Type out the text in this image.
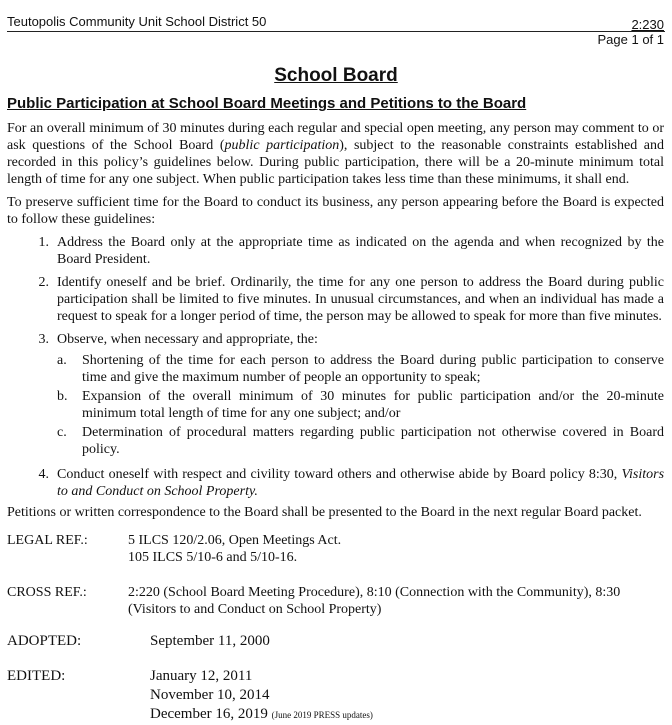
Teutopolis Community Unit School District 50	2:230
Page 1 of 1
School Board
Public Participation at School Board Meetings and Petitions to the Board

For an overall minimum of 30 minutes during each regular and special open meeting, any person may comment to or ask questions of the School Board (public participation), subject to the reasonable constraints established and recorded in this policy’s guidelines below. During public participation, there will be a 20-minute minimum total length of time for any one subject. When public participation takes less time than these minimums, it shall end.

To preserve sufficient time for the Board to conduct its business, any person appearing before the Board is expected to follow these guidelines:

1. Address the Board only at the appropriate time as indicated on the agenda and when recognized by the Board President.
2. Identify oneself and be brief. Ordinarily, the time for any one person to address the Board during public participation shall be limited to five minutes. In unusual circumstances, and when an individual has made a request to speak for a longer period of time, the person may be allowed to speak for more than five minutes.
3. Observe, when necessary and appropriate, the:
a.	Shortening of the time for each person to address the Board during public participation to conserve time and give the maximum number of people an opportunity to speak;
b.	Expansion of the overall minimum of 30 minutes for public participation and/or the 20-minute minimum total length of time for any one subject; and/or
c.	Determination of procedural matters regarding public participation not otherwise covered in Board policy.
4. Conduct oneself with respect and civility toward others and otherwise abide by Board policy 8:30, Visitors to and Conduct on School Property.

Petitions or written correspondence to the Board shall be presented to the Board in the next regular Board packet.

LEGAL REF.:	5 ILCS 120/2.06, Open Meetings Act.
105 ILCS 5/10-6 and 5/10-16.
CROSS REF.:	2:220 (School Board Meeting Procedure), 8:10 (Connection with the Community), 8:30
(Visitors to and Conduct on School Property)
ADOPTED:	September 11, 2000
EDITED:	January 12, 2011
November 10, 2014
December 16, 2019 (June 2019 PRESS updates)
